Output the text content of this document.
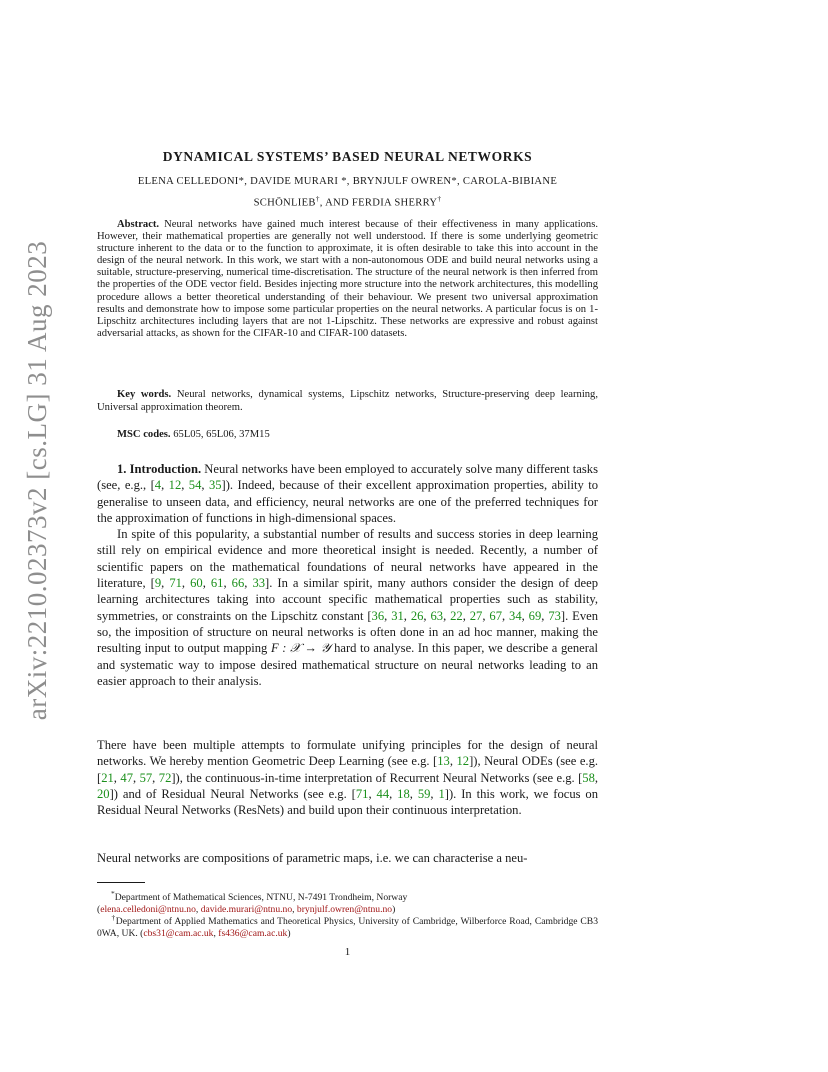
arXiv:2210.02373v2 [cs.LG] 31 Aug 2023
DYNAMICAL SYSTEMS’ BASED NEURAL NETWORKS
ELENA CELLEDONI*, DAVIDE MURARI *, BRYNJULF OWREN*, CAROLA-BIBIANE
SCHÖNLIEB†, AND FERDIA SHERRY†
Abstract. Neural networks have gained much interest because of their effectiveness in many applications. However, their mathematical properties are generally not well understood. If there is some underlying geometric structure inherent to the data or to the function to approximate, it is often desirable to take this into account in the design of the neural network. In this work, we start with a non-autonomous ODE and build neural networks using a suitable, structure-preserving, numerical time-discretisation. The structure of the neural network is then inferred from the properties of the ODE vector field. Besides injecting more structure into the network architectures, this modelling procedure allows a better theoretical understanding of their behaviour. We present two universal approximation results and demonstrate how to impose some particular properties on the neural networks. A particular focus is on 1-Lipschitz architectures including layers that are not 1-Lipschitz. These networks are expressive and robust against adversarial attacks, as shown for the CIFAR-10 and CIFAR-100 datasets.
Key words. Neural networks, dynamical systems, Lipschitz networks, Structure-preserving deep learning, Universal approximation theorem.
MSC codes. 65L05, 65L06, 37M15

1. Introduction. Neural networks have been employed to accurately solve many different tasks (see, e.g., [4, 12, 54, 35]). Indeed, because of their excellent approximation properties, ability to generalise to unseen data, and efficiency, neural networks are one of the preferred techniques for the approximation of functions in high-dimensional spaces.

In spite of this popularity, a substantial number of results and success stories in deep learning still rely on empirical evidence and more theoretical insight is needed. Recently, a number of scientific papers on the mathematical foundations of neural networks have appeared in the literature, [9, 71, 60, 61, 66, 33]. In a similar spirit, many authors consider the design of deep learning architectures taking into account specific mathematical properties such as stability, symmetries, or constraints on the Lipschitz constant [36, 31, 26, 63, 22, 27, 67, 34, 69, 73]. Even so, the imposition of structure on neural networks is often done in an ad hoc manner, making the resulting input to output mapping F : 𝒳 → 𝒴 hard to analyse. In this paper, we describe a general and systematic way to impose desired mathematical structure on neural networks leading to an easier approach to their analysis.

There have been multiple attempts to formulate unifying principles for the design of neural networks. We hereby mention Geometric Deep Learning (see e.g. [13, 12]), Neural ODEs (see e.g. [21, 47, 57, 72]), the continuous-in-time interpretation of Recurrent Neural Networks (see e.g. [58, 20]) and of Residual Neural Networks (see e.g. [71, 44, 18, 59, 1]). In this work, we focus on Residual Neural Networks (ResNets) and build upon their continuous interpretation.

Neural networks are compositions of parametric maps, i.e. we can characterise a neu-

*Department of Mathematical Sciences, NTNU, N-7491 Trondheim, Norway
(elena.celledoni@ntnu.no, davide.murari@ntnu.no, brynjulf.owren@ntnu.no)
†Department of Applied Mathematics and Theoretical Physics, University of Cambridge, Wilberforce Road, Cambridge CB3 0WA, UK. (cbs31@cam.ac.uk, fs436@cam.ac.uk)
1
